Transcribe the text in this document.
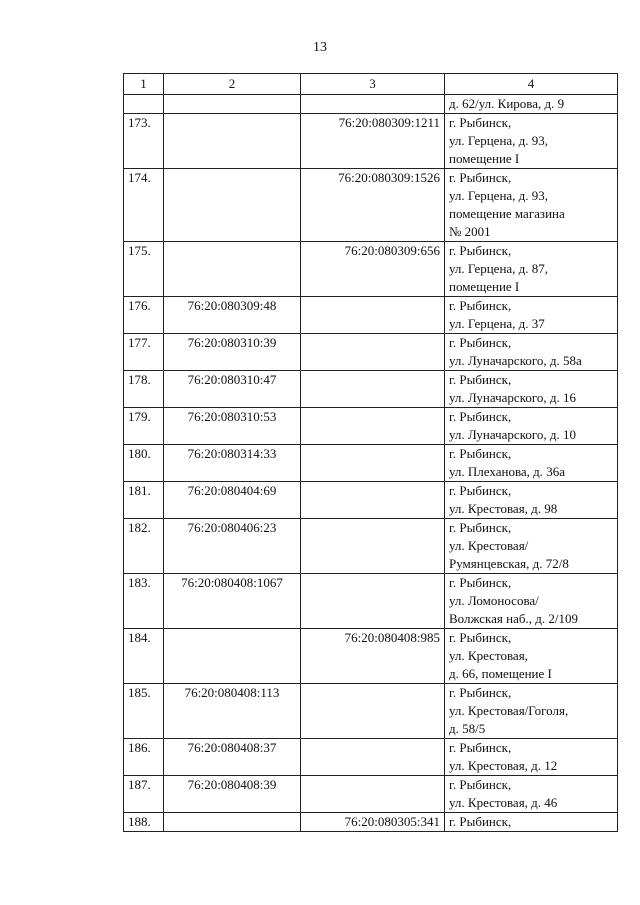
13
1	2	3	4

			д. 62/ул. Кирова, д. 9

173.		76:20:080309:1211	г. Рыбинск,
ул. Герцена, д. 93,
помещение I

174.		76:20:080309:1526	г. Рыбинск,
ул. Герцена, д. 93,
помещение магазина
№ 2001

175.		76:20:080309:656	г. Рыбинск,
ул. Герцена, д. 87,
помещение I

176.	76:20:080309:48		г. Рыбинск,
ул. Герцена, д. 37

177.	76:20:080310:39		г. Рыбинск,
ул. Луначарского, д. 58а

178.	76:20:080310:47		г. Рыбинск,
ул. Луначарского, д. 16

179.	76:20:080310:53		г. Рыбинск,
ул. Луначарского, д. 10

180.	76:20:080314:33		г. Рыбинск,
ул. Плеханова, д. 36а

181.	76:20:080404:69		г. Рыбинск,
ул. Крестовая, д. 98

182.	76:20:080406:23		г. Рыбинск,
ул. Крестовая/
Румянцевская, д. 72/8

183.	76:20:080408:1067		г. Рыбинск,
ул. Ломоносова/
Волжская наб., д. 2/109

184.		76:20:080408:985	г. Рыбинск,
ул. Крестовая,
д. 66, помещение I

185.	76:20:080408:113		г. Рыбинск,
ул. Крестовая/Гоголя,
д. 58/5

186.	76:20:080408:37		г. Рыбинск,
ул. Крестовая, д. 12

187.	76:20:080408:39		г. Рыбинск,
ул. Крестовая, д. 46

188.		76:20:080305:341	г. Рыбинск,
